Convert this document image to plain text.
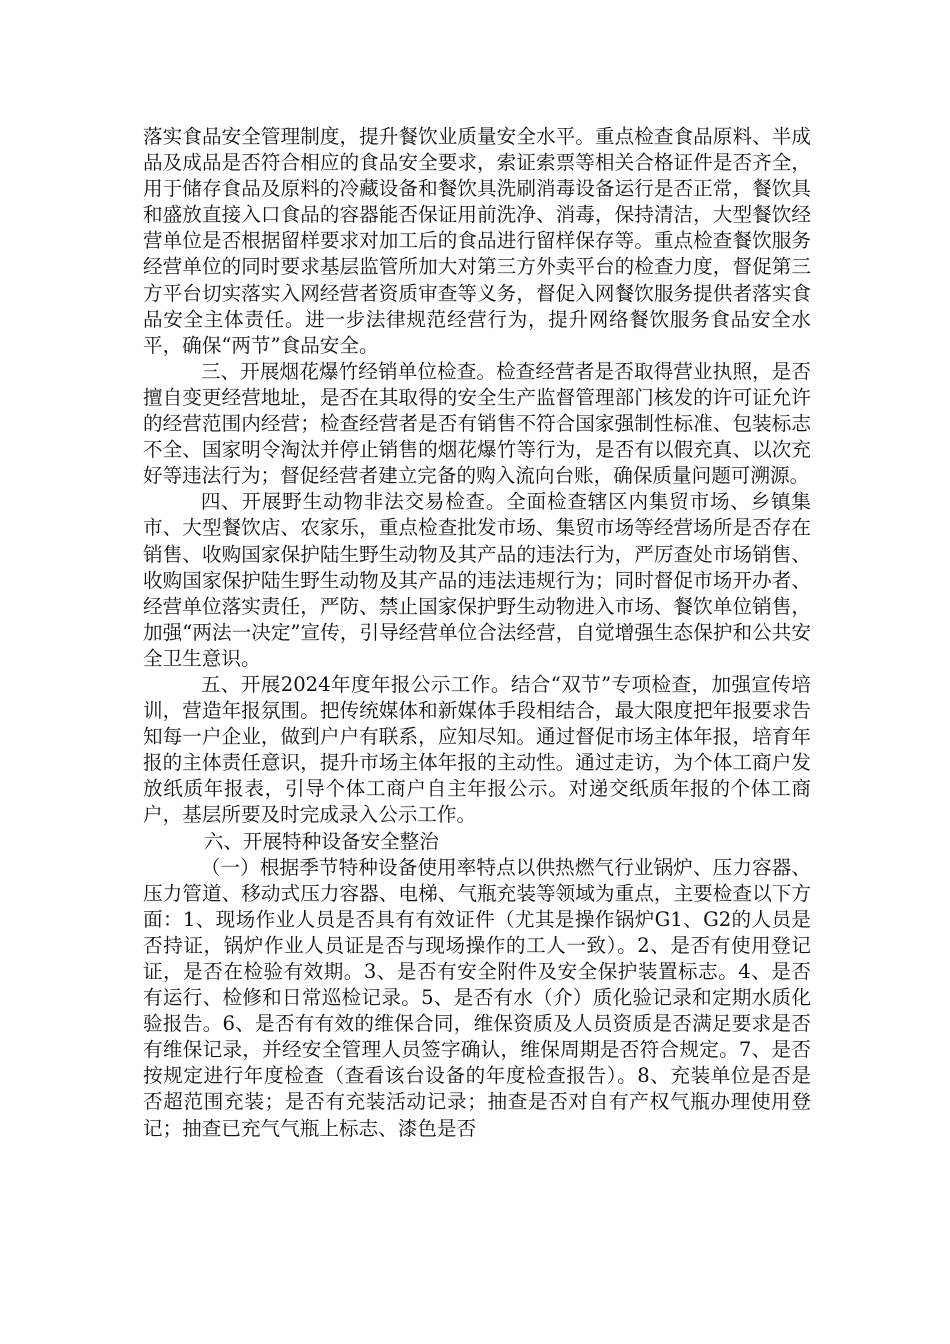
落实食品安全管理制度，提升餐饮业质量安全水平。重点检查食品原料、半成品及成品是否符合相应的食品安全要求，索证索票等相关合格证件是否齐全，用于储存食品及原料的冷藏设备和餐饮具洗刷消毒设备运行是否正常，餐饮具和盛放直接入口食品的容器能否保证用前洗净、消毒，保持清洁，大型餐饮经营单位是否根据留样要求对加工后的食品进行留样保存等。重点检查餐饮服务经营单位的同时要求基层监管所加大对第三方外卖平台的检查力度，督促第三方平台切实落实入网经营者资质审查等义务，督促入网餐饮服务提供者落实食品安全主体责任。进一步法律规范经营行为，提升网络餐饮服务食品安全水平，确保“两节”食品安全。

三、开展烟花爆竹经销单位检查。检查经营者是否取得营业执照，是否擅自变更经营地址，是否在其取得的安全生产监督管理部门核发的许可证允许的经营范围内经营；检查经营者是否有销售不符合国家强制性标准、包装标志不全、国家明令淘汰并停止销售的烟花爆竹等行为，是否有以假充真、以次充好等违法行为；督促经营者建立完备的购入流向台账，确保质量问题可溯源。

四、开展野生动物非法交易检查。全面检查辖区内集贸市场、乡镇集市、大型餐饮店、农家乐，重点检查批发市场、集贸市场等经营场所是否存在销售、收购国家保护陆生野生动物及其产品的违法行为，严厉查处市场销售、收购国家保护陆生野生动物及其产品的违法违规行为；同时督促市场开办者、经营单位落实责任，严防、禁止国家保护野生动物进入市场、餐饮单位销售，加强“两法一决定”宣传，引导经营单位合法经营，自觉增强生态保护和公共安全卫生意识。

五、开展2024年度年报公示工作。结合“双节”专项检查，加强宣传培训，营造年报氛围。把传统媒体和新媒体手段相结合，最大限度把年报要求告知每一户企业，做到户户有联系，应知尽知。通过督促市场主体年报，培育年报的主体责任意识，提升市场主体年报的主动性。通过走访，为个体工商户发放纸质年报表，引导个体工商户自主年报公示。对递交纸质年报的个体工商户，基层所要及时完成录入公示工作。

六、开展特种设备安全整治

（一）根据季节特种设备使用率特点以供热燃气行业锅炉、压力容器、压力管道、移动式压力容器、电梯、气瓶充装等领域为重点，主要检查以下方面：1、现场作业人员是否具有有效证件（尤其是操作锅炉G1、G2的人员是否持证，锅炉作业人员证是否与现场操作的工人一致）。2、是否有使用登记证，是否在检验有效期。3、是否有安全附件及安全保护装置标志。4、是否有运行、检修和日常巡检记录。5、是否有水（介）质化验记录和定期水质化验报告。6、是否有有效的维保合同，维保资质及人员资质是否满足要求是否有维保记录，并经安全管理人员签字确认，维保周期是否符合规定。7、是否按规定进行年度检查（查看该台设备的年度检查报告）。8、充装单位是否是否超范围充装；是否有充装活动记录；抽查是否对自有产权气瓶办理使用登记；抽查已充气气瓶上标志、漆色是否
